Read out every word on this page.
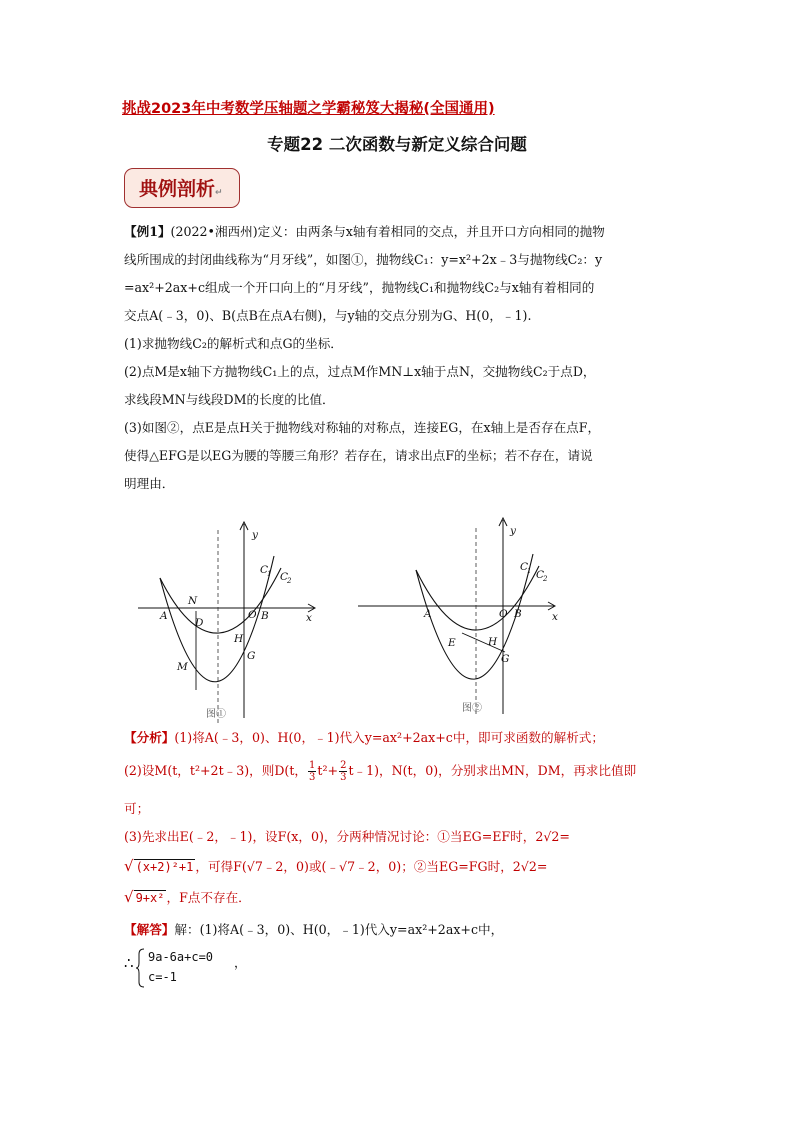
挑战2023年中考数学压轴题之学霸秘笈大揭秘(全国通用)
专题22 二次函数与新定义综合问题
典例剖析↵
【例1】(2022•湘西州)定义：由两条与x轴有着相同的交点，并且开口方向相同的抛物
线所围成的封闭曲线称为“月牙线”，如图①，抛物线C₁：y=x²+2x﹣3与抛物线C₂：y
=ax²+2ax+c组成一个开口向上的“月牙线”，抛物线C₁和抛物线C₂与x轴有着相同的
交点A(﹣3，0)、B(点B在点A右侧)，与y轴的交点分别为G、H(0，﹣1).
(1)求抛物线C₂的解析式和点G的坐标．
(2)点M是x轴下方抛物线C₁上的点，过点M作MN⊥x轴于点N，交抛物线C₂于点D，
求线段MN与线段DM的长度的比值．
(3)如图②，点E是点H关于抛物线对称轴的对称点，连接EG，在x轴上是否存在点F，
使得△EFG是以EG为腰的等腰三角形？若存在，请求出点F的坐标；若不存在，请说
明理由．
A
N
D
O B
H
G
M
y
x
C
1 C
2
图①
A
E
O B
H
G
y
x
C
1 C
2
图②
【分析】(1)将A(﹣3，0)、H(0，﹣1)代入y=ax²+2ax+c中，即可求函数的解析式；
(2)设M(t，t²+2t﹣3)，则D(t， $\frac{1}{3} t^2+ \frac{2}{3}$ t﹣1)，N(t，0)，分别求出MN，DM，再求比值即
可；
(3)先求出E(﹣2，﹣1)，设F(x，0)，分两种情况讨论：①当EG=EF时，2√2=
√ (x+2)²+1 ，可得F(√7﹣2，0)或(﹣√7﹣2，0)；②当EG=FG时，2√2=
√ 9+x² ，F点不存在．
【解答】解：(1)将A(﹣3，0)、H(0，﹣1)代入y=ax²+2ax+c中，
∴ 9a-6a+c=0
c=-1
，
